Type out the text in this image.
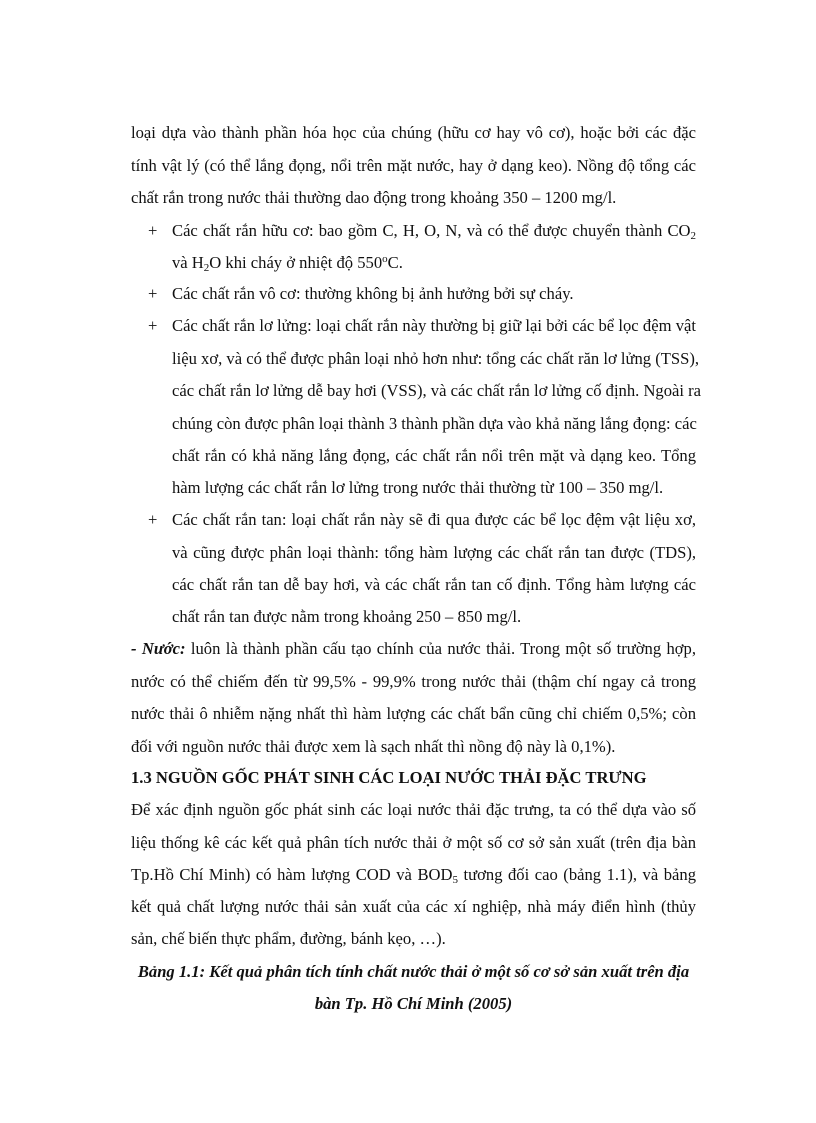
loại dựa vào thành phần hóa học của chúng (hữu cơ hay vô cơ), hoặc bởi các đặc
tính vật lý (có thể lắng đọng, nổi trên mặt nước, hay ở dạng keo). Nồng độ tổng các
chất rắn trong nước thải thường dao động trong khoảng 350 – 1200 mg/l.
+ Các chất rắn hữu cơ: bao gồm C, H, O, N, và có thể được chuyển thành $CO_2$
và $H_2O$ khi cháy ở nhiệt độ $550^oC$.
+ Các chất rắn vô cơ: thường không bị ảnh hưởng bởi sự cháy.
+ Các chất rắn lơ lửng: loại chất rắn này thường bị giữ lại bởi các bể lọc đệm vật
liệu xơ, và có thể được phân loại nhỏ hơn như: tổng các chất răn lơ lửng (TSS),
các chất rắn lơ lửng dễ bay hơi (VSS), và các chất rắn lơ lửng cố định. Ngoài ra
chúng còn được phân loại thành 3 thành phần dựa vào khả năng lắng đọng: các
chất rắn có khả năng lắng đọng, các chất rắn nổi trên mặt và dạng keo. Tổng
hàm lượng các chất rắn lơ lửng trong nước thải thường từ 100 – 350 mg/l.
+ Các chất rắn tan: loại chất rắn này sẽ đi qua được các bể lọc đệm vật liệu xơ,
và cũng được phân loại thành: tổng hàm lượng các chất rắn tan được (TDS),
các chất rắn tan dễ bay hơi, và các chất rắn tan cố định. Tổng hàm lượng các
chất rắn tan được nằm trong khoảng 250 – 850 mg/l.
- Nước: luôn là thành phần cấu tạo chính của nước thải. Trong một số trường hợp,
nước có thể chiếm đến từ 99,5% - 99,9% trong nước thải (thậm chí ngay cả trong
nước thải ô nhiễm nặng nhất thì hàm lượng các chất bẩn cũng chỉ chiếm 0,5%; còn
đối với nguồn nước thải được xem là sạch nhất thì nồng độ này là 0,1%).
1.3 NGUỒN GỐC PHÁT SINH CÁC LOẠI NƯỚC THẢI ĐẶC TRƯNG
Để xác định nguồn gốc phát sinh các loại nước thải đặc trưng, ta có thể dựa vào số
liệu thống kê các kết quả phân tích nước thải ở một số cơ sở sản xuất (trên địa bàn
Tp.Hồ Chí Minh) có hàm lượng COD và $BOD_5$ tương đối cao (bảng 1.1), và bảng
kết quả chất lượng nước thải sản xuất của các xí nghiệp, nhà máy điển hình (thủy
sản, chế biến thực phẩm, đường, bánh kẹo, …).
Bảng 1.1: Kết quả phân tích tính chất nước thải ở một số cơ sở sản xuất trên địa
bàn Tp. Hồ Chí Minh (2005)
